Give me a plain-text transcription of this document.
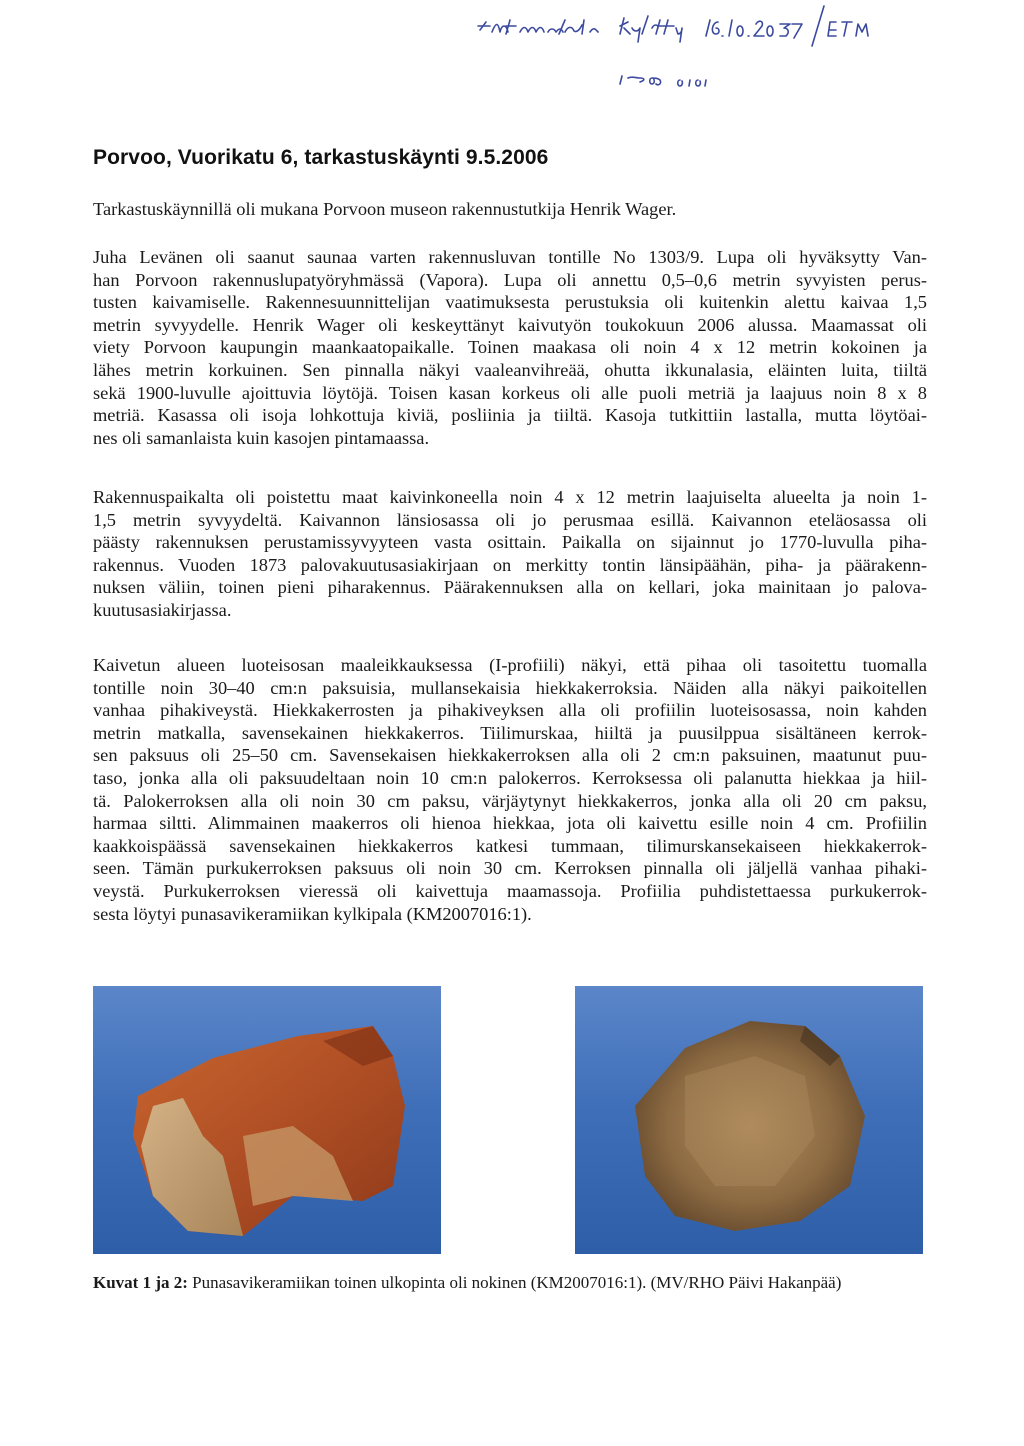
Porvoo, Vuorikatu 6, tarkastuskäynti 9.5.2006

Tarkastuskäynnillä oli mukana Porvoon museon rakennustutkija Henrik Wager.

Juha Levänen oli saanut saunaa varten rakennusluvan tontille No 1303/9. Lupa oli hyväksytty Van-
han Porvoon rakennuslupatyöryhmässä (Vapora). Lupa oli annettu 0,5–0,6 metrin syvyisten perus-
tusten kaivamiselle. Rakennesuunnittelijan vaatimuksesta perustuksia oli kuitenkin alettu kaivaa 1,5
metrin syvyydelle. Henrik Wager oli keskeyttänyt kaivutyön toukokuun 2006 alussa. Maamassat oli
viety Porvoon kaupungin maankaatopaikalle. Toinen maakasa oli noin 4 x 12 metrin kokoinen ja
lähes metrin korkuinen. Sen pinnalla näkyi vaaleanvihreää, ohutta ikkunalasia, eläinten luita, tiiltä
sekä 1900-luvulle ajoittuvia löytöjä. Toisen kasan korkeus oli alle puoli metriä ja laajuus noin 8 x 8
metriä. Kasassa oli isoja lohkottuja kiviä, posliinia ja tiiltä. Kasoja tutkittiin lastalla, mutta löytöai-
nes oli samanlaista kuin kasojen pintamaassa.

Rakennuspaikalta oli poistettu maat kaivinkoneella noin 4 x 12 metrin laajuiselta alueelta ja noin 1-
1,5 metrin syvyydeltä. Kaivannon länsiosassa oli jo perusmaa esillä. Kaivannon eteläosassa oli
päästy rakennuksen perustamissyvyyteen vasta osittain. Paikalla on sijainnut jo 1770-luvulla piha-
rakennus. Vuoden 1873 palovakuutusasiakirjaan on merkitty tontin länsipäähän, piha- ja päärakenn-
nuksen väliin, toinen pieni piharakennus. Päärakennuksen alla on kellari, joka mainitaan jo palova-
kuutusasiakirjassa.

Kaivetun alueen luoteisosan maaleikkauksessa (I-profiili) näkyi, että pihaa oli tasoitettu tuomalla
tontille noin 30–40 cm:n paksuisia, mullansekaisia hiekkakerroksia. Näiden alla näkyi paikoitellen
vanhaa pihakiveystä. Hiekkakerrosten ja pihakiveyksen alla oli profiilin luoteisosassa, noin kahden
metrin matkalla, savensekainen hiekkakerros. Tiilimurskaa, hiiltä ja puusilppua sisältäneen kerrok-
sen paksuus oli 25–50 cm. Savensekaisen hiekkakerroksen alla oli 2 cm:n paksuinen, maatunut puu-
taso, jonka alla oli paksuudeltaan noin 10 cm:n palokerros. Kerroksessa oli palanutta hiekkaa ja hiil-
tä. Palokerroksen alla oli noin 30 cm paksu, värjäytynyt hiekkakerros, jonka alla oli 20 cm paksu,
harmaa siltti. Alimmainen maakerros oli hienoa hiekkaa, jota oli kaivettu esille noin 4 cm. Profiilin
kaakkoispäässä savensekainen hiekkakerros katkesi tummaan, tilimurskansekaiseen hiekkakerrok-
seen. Tämän purkukerroksen paksuus oli noin 30 cm. Kerroksen pinnalla oli jäljellä vanhaa pihaki-
veystä. Purkukerroksen vieressä oli kaivettuja maamassoja. Profiilia puhdistettaessa purkukerrok-
sesta löytyi punasavikeramiikan kylkipala (KM2007016:1).

Kuvat 1 ja 2: Punasavikeramiikan toinen ulkopinta oli nokinen (KM2007016:1). (MV/RHO Päivi Hakanpää)
